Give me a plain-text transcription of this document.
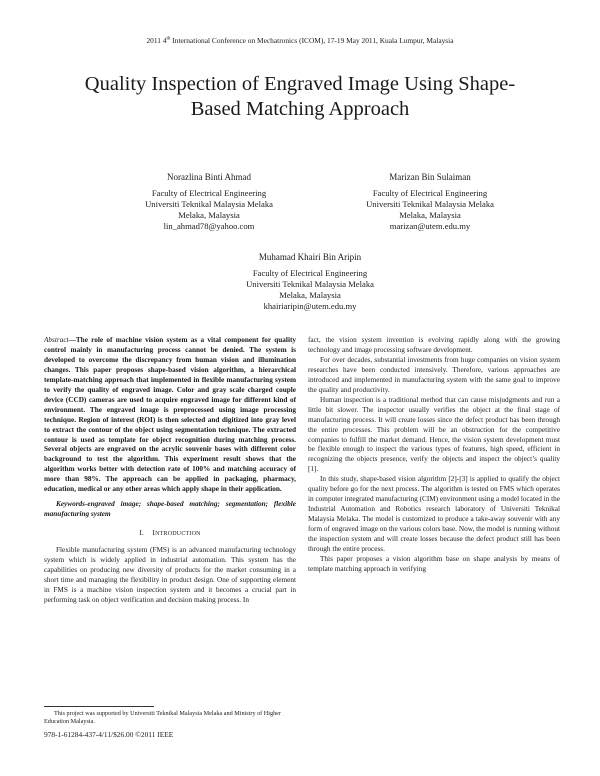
2011 4th International Conference on Mechatronics (ICOM), 17-19 May 2011, Kuala Lumpur, Malaysia
Quality Inspection of Engraved Image Using Shape-
Based Matching Approach
Norazlina Binti Ahmad
Faculty of Electrical Engineering
Universiti Teknikal Malaysia Melaka
Melaka, Malaysia
lin_ahmad78@yahoo.com
Marizan Bin Sulaiman
Faculty of Electrical Engineering
Universiti Teknikal Malaysia Melaka
Melaka, Malaysia
marizan@utem.edu.my
Muhamad Khairi Bin Aripin
Faculty of Electrical Engineering
Universiti Teknikal Malaysia Melaka
Melaka, Malaysia
khairiaripin@utem.edu.my

Abstract—The role of machine vision system as a vital component for quality control mainly in manufacturing process cannot be denied. The system is developed to overcome the discrepancy from human vision and illumination changes. This paper proposes shape-based vision algorithm, a hierarchical template-matching approach that implemented in flexible manufacturing system to verify the quality of engraved image. Color and gray scale charged couple device (CCD) cameras are used to acquire engraved image for different kind of environment. The engraved image is preprocessed using image processing technique. Region of interest (ROI) is then selected and digitized into gray level to extract the contour of the object using segmentation technique. The extracted contour is used as template for object recognition during matching process. Several objects are engraved on the acrylic souvenir bases with different color background to test the algorithm. This experiment result shows that the algorithm works better with detection rate of 100% and matching accuracy of more than 98%. The approach can be applied in packaging, pharmacy, education, medical or any other areas which apply shape in their application.

Keywords-engraved image; shape-based matching; segmentation; flexible manufacturing system

I. INTRODUCTION

Flexible manufacturing system (FMS) is an advanced manufacturing technology system which is widely applied in industrial automation. This system has the capabilities on producing new diversity of products for the market consuming in a short time and managing the flexibility in product design. One of supporting element in FMS is a machine vision inspection system and it becomes a crucial part in performing task on object verification and decision making process. In

fact, the vision system invention is evolving rapidly along with the growing technology and image processing software development.

For over decades, substantial investments from huge companies on vision system researches have been conducted intensively. Therefore, various approaches are introduced and implemented in manufacturing system with the same goal to improve the quality and productivity.

Human inspection is a traditional method that can cause misjudgments and run a little bit slower. The inspector usually verifies the object at the final stage of manufacturing process. It will create losses since the defect product has been through the entire processes. This problem will be an obstruction for the competitive companies to fulfill the market demand. Hence, the vision system development must be flexible enough to inspect the various types of features, high speed, efficient in recognizing the objects presence, verify the objects and inspect the object’s quality [1].

In this study, shape-based vision algorithm [2]-[3] is applied to qualify the object quality before go for the next process. The algorithm is tested on FMS which operates in computer integrated manufacturing (CIM) environment using a model located in the Industrial Automation and Robotics research laboratory of Universiti Teknikal Malaysia Melaka. The model is customized to produce a take-away souvenir with any form of engraved image on the various colors base. Now, the model is running without the inspection system and will create losses because the defect product still has been through the entire process.

This paper proposes a vision algorithm base on shape analysis by means of template matching approach in verifying

This project was supported by Universiti Teknikal Malaysia Melaka and Ministry of Higher Education Malaysia.
978-1-61284-437-4/11/$26.00 ©2011 IEEE
